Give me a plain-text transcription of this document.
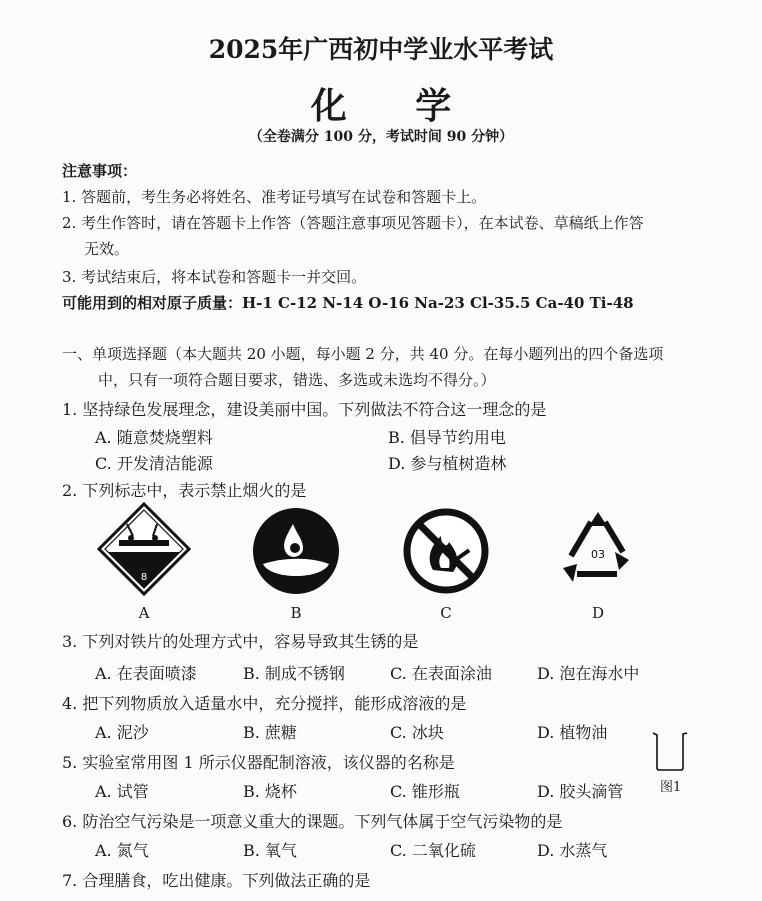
2025年广西初中学业水平考试
化 学
（全卷满分 100 分，考试时间 90 分钟）
注意事项：
1. 答题前，考生务必将姓名、准考证号填写在试卷和答题卡上。
2. 考生作答时，请在答题卡上作答（答题注意事项见答题卡），在本试卷、草稿纸上作答
无效。
3. 考试结束后，将本试卷和答题卡一并交回。
可能用到的相对原子质量：H-1 C-12 N-14 O-16 Na-23 Cl-35.5 Ca-40 Ti-48
一、单项选择题（本大题共 20 小题，每小题 2 分，共 40 分。在每小题列出的四个备选项
中，只有一项符合题目要求，错选、多选或未选均不得分。）
1. 坚持绿色发展理念，建设美丽中国。下列做法不符合这一理念的是
A. 随意焚烧塑料	B. 倡导节约用电
C. 开发清洁能源	D. 参与植树造林
2. 下列标志中，表示禁止烟火的是
8
03
A	B	C	D
3. 下列对铁片的处理方式中，容易导致其生锈的是
A. 在表面喷漆	B. 制成不锈钢	C. 在表面涂油	D. 泡在海水中
4. 把下列物质放入适量水中，充分搅拌，能形成溶液的是
A. 泥沙	B. 蔗糖	C. 冰块	D. 植物油
图1
5. 实验室常用图 1 所示仪器配制溶液，该仪器的名称是
A. 试管	B. 烧杯	C. 锥形瓶	D. 胶头滴管
6. 防治空气污染是一项意义重大的课题。下列气体属于空气污染物的是
A. 氮气	B. 氧气	C. 二氧化硫	D. 水蒸气
7. 合理膳食，吃出健康。下列做法正确的是
